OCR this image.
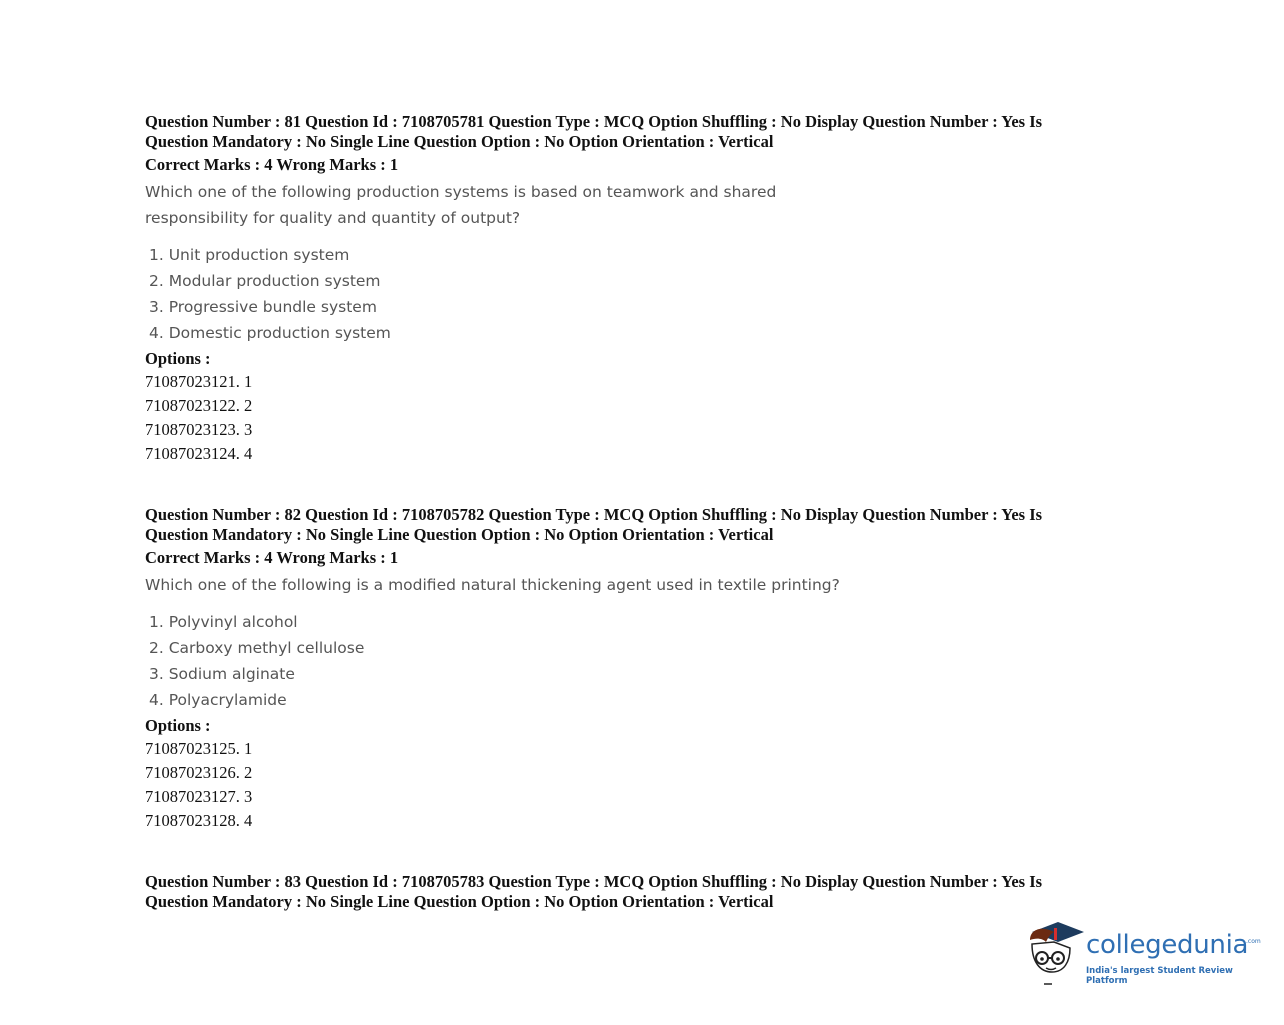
Question Number : 81 Question Id : 7108705781 Question Type : MCQ Option Shuffling : No Display Question Number : Yes Is
Question Mandatory : No Single Line Question Option : No Option Orientation : Vertical
Correct Marks : 4 Wrong Marks : 1
Which one of the following production systems is based on teamwork and shared
responsibility for quality and quantity of output?
1. Unit production system
2. Modular production system
3. Progressive bundle system
4. Domestic production system
Options :
71087023121. 1
71087023122. 2
71087023123. 3
71087023124. 4
Question Number : 82 Question Id : 7108705782 Question Type : MCQ Option Shuffling : No Display Question Number : Yes Is
Question Mandatory : No Single Line Question Option : No Option Orientation : Vertical
Correct Marks : 4 Wrong Marks : 1
Which one of the following is a modified natural thickening agent used in textile printing?
1. Polyvinyl alcohol
2. Carboxy methyl cellulose
3. Sodium alginate
4. Polyacrylamide
Options :
71087023125. 1
71087023126. 2
71087023127. 3
71087023128. 4
Question Number : 83 Question Id : 7108705783 Question Type : MCQ Option Shuffling : No Display Question Number : Yes Is
Question Mandatory : No Single Line Question Option : No Option Orientation : Vertical
collegedunia
.com
India's largest Student Review Platform
